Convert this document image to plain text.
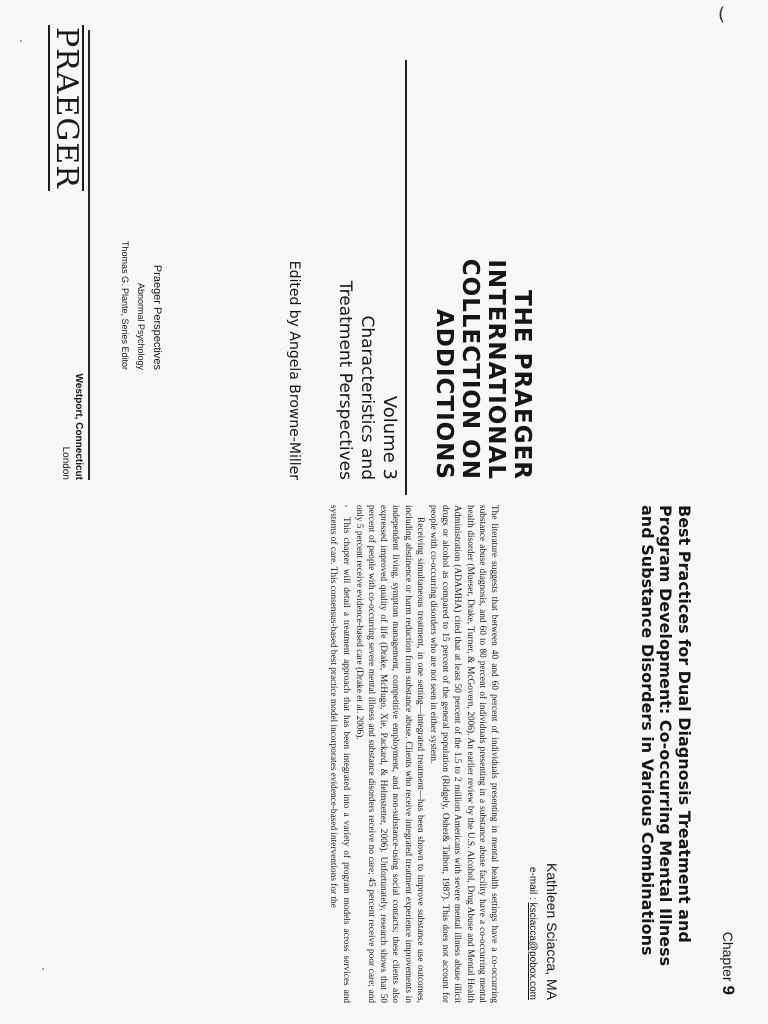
THE PRAEGER

INTERNATIONAL

COLLECTION ON

ADDICTIONS

Volume 3
Characteristics and
Treatment Perspectives
Edited by Angela Browne-Miller
Praeger Perspectives
Abnormal Psychology
Thomas G. Plante, Series Editor
PRAEGER
Westport, Connecticut
London
Chapter9
Best Practices for Dual Diagnosis Treatment and Program Development: Co-occurring Mental Illness and Substance Disorders in Various Combinations
Kathleen Sciacca, MA
e-mail : ksciacca@pobox.com

The literature suggests that between 40 and 60 percent of individuals presenting in mental health settings have a co-occurring substance abuse diagnosis, and 60 to 80 percent of individuals presenting in a substance abuse facility have a co-occurring mental health disorder (Mueser, Drake, Turner, & McGovern, 2006). An earlier review by the U.S. Alcohol, Drug Abuse and Mental Health Administration (ADAMHA) cited that at least 50 percent of the 1.5 to 2 million Americans with severe mental illness abuse illicit drugs or alcohol as compared to 15 percent of the general population (Ridgely, Osher& Talbott, 1987). This does not account for people with co-occurring disorders who are not seen in either system.

Receiving simultaneous treatment, in one setting—integrated treatment—has been shown to improve substance use outcomes, including abstinence or harm reduction from substance abuse. Clients who receive integrated treatment experience improvements in independent living, symptom management, competitive employment, and non-substance-using social contacts; these clients also expressed improved quality of life (Drake, McHugo, Xie, Packard, & Helmstetter, 2006). Unfortunately, research shows that 50 percent of people with co-occurring severe mental illness and substance disorders receive no care; 45 percent receive poor care; and only 5 percent receive evidence-based care (Drake et al. 2006).

This chapter will detail a treatment approach that has been integrated into a variety of program models across services and systems of care. This consensus-based best practice model incorporates evidence-based interventions for the

(
